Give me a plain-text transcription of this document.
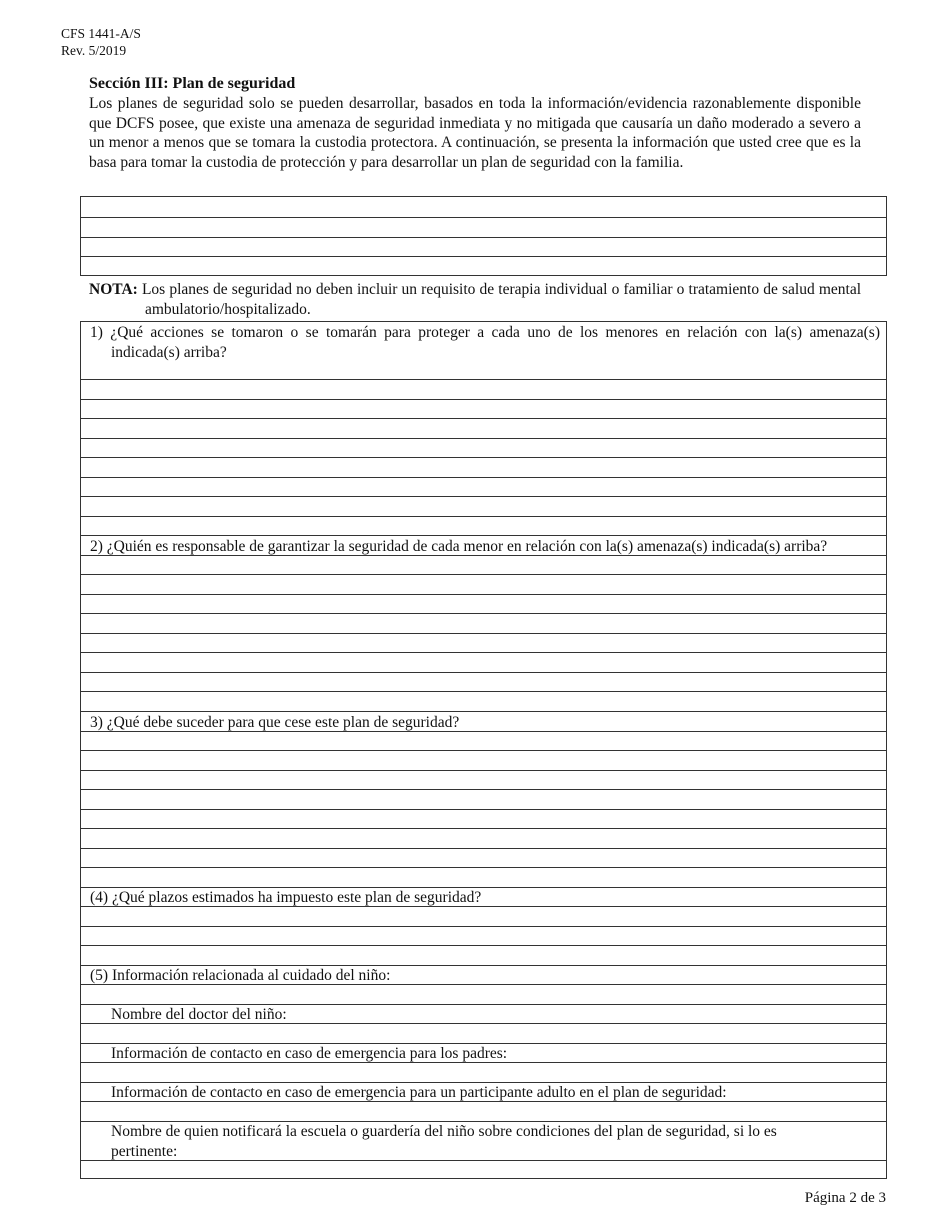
CFS 1441-A/S
Rev. 5/2019
Sección III: Plan de seguridad
Los planes de seguridad solo se pueden desarrollar, basados en toda la información/evidencia razonablemente disponible que DCFS posee, que existe una amenaza de seguridad inmediata y no mitigada que causaría un daño moderado a severo a un menor a menos que se tomara la custodia protectora. A continuación, se presenta la información que usted cree que es la basa para tomar la custodia de protección y para desarrollar un plan de seguridad con la familia.
NOTA: Los planes de seguridad no deben incluir un requisito de terapia individual o familiar o tratamiento de salud mental ambulatorio/hospitalizado.
1) ¿Qué acciones se tomaron o se tomarán para proteger a cada uno de los menores en relación con la(s) amenaza(s) indicada(s) arriba?
2) ¿Quién es responsable de garantizar la seguridad de cada menor en relación con la(s) amenaza(s) indicada(s) arriba?
3) ¿Qué debe suceder para que cese este plan de seguridad?
(4) ¿Qué plazos estimados ha impuesto este plan de seguridad?
(5) Información relacionada al cuidado del niño:
Nombre del doctor del niño:
Información de contacto en caso de emergencia para los padres:
Información de contacto en caso de emergencia para un participante adulto en el plan de seguridad:
Nombre de quien notificará la escuela o guardería del niño sobre condiciones del plan de seguridad, si lo es pertinente:
Página 2 de 3
